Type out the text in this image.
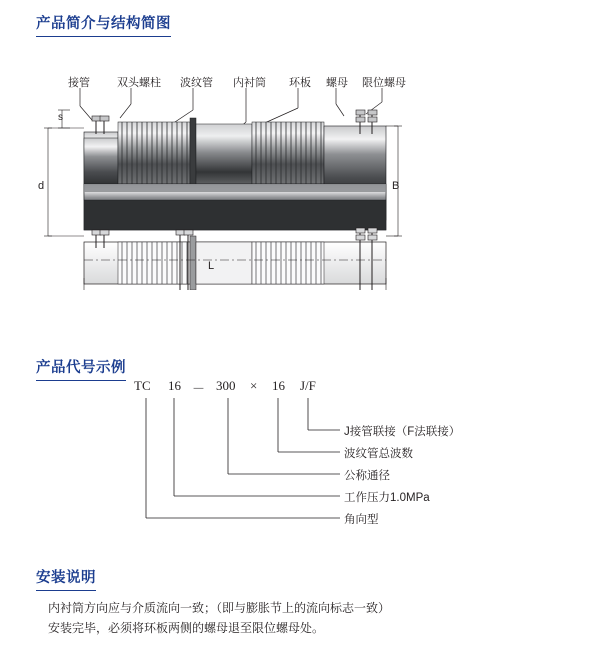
产品简介与结构简图
接管 双头螺柱 波纹管 内衬筒 环板 螺母 限位螺母
s
d	B
L
产品代号示例
TC 16 － 300 × 16 J/F
J接管联接（F法联接）
波纹管总波数
公称通径
工作压力1.0MPa
角向型
安装说明
内衬筒方向应与介质流向一致；（即与膨胀节上的流向标志一致）
安装完毕，必须将环板两侧的螺母退至限位螺母处。
